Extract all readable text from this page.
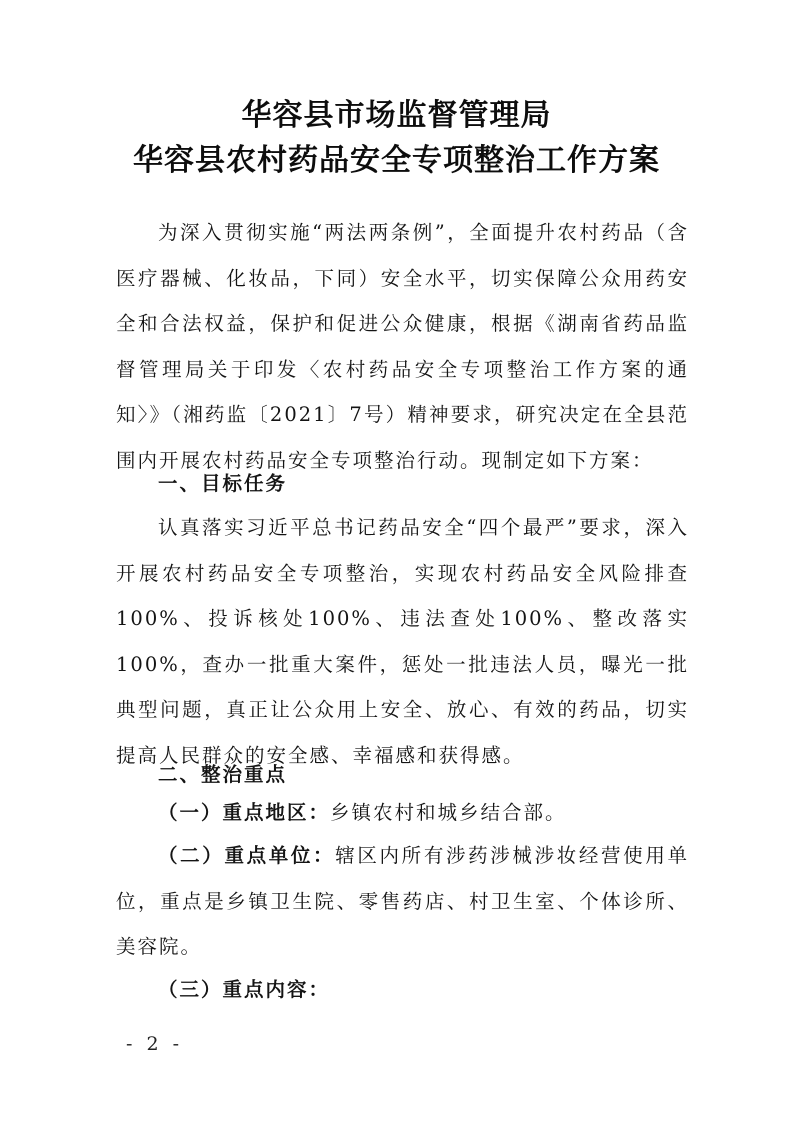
华容县市场监督管理局
华容县农村药品安全专项整治工作方案
为深入贯彻实施“两法两条例”，全面提升农村药品（含医疗器械、化妆品，下同）安全水平，切实保障公众用药安全和合法权益，保护和促进公众健康，根据《湖南省药品监督管理局关于印发〈农村药品安全专项整治工作方案的通知〉》（湘药监〔2021〕7号）精神要求，研究决定在全县范围内开展农村药品安全专项整治行动。现制定如下方案：
一、目标任务
认真落实习近平总书记药品安全“四个最严”要求，深入开展农村药品安全专项整治，实现农村药品安全风险排查100%、投诉核处100%、违法查处100%、整改落实100%，查办一批重大案件，惩处一批违法人员，曝光一批典型问题，真正让公众用上安全、放心、有效的药品，切实提高人民群众的安全感、幸福感和获得感。
二、整治重点
（一）重点地区：乡镇农村和城乡结合部。
（二）重点单位：辖区内所有涉药涉械涉妆经营使用单位，重点是乡镇卫生院、零售药店、村卫生室、个体诊所、美容院。
（三）重点内容：
- 2 -
